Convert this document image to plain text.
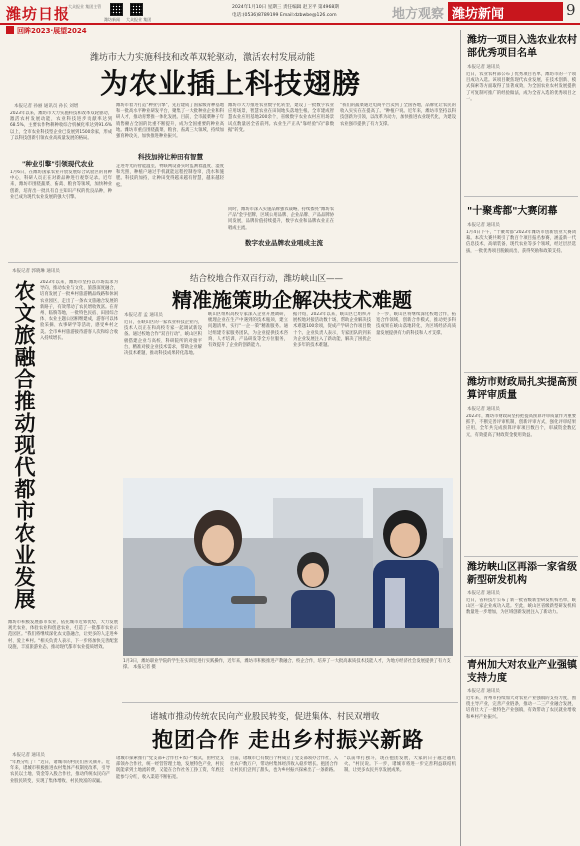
潍坊日报
大众报业 集团主管
潍坊新闻 大众报业 集团
2024年1月10日 星期三 责任编辑 赵卫平 第4968期
电话:(0536)8789199 Email:dzbwbe@126.com	地方观察 潍坊新闻	9
回眸2023·展望2024
潍坊市大力实施科技和改革双轮驱动，激活农村发展动能
为农业插上科技翅膀
本报记者 孙丽 通讯员 孙长 刘增
2023年以来，潍坊市大力实施科技和改革双轮驱动，激活农村发展动能，农业科技进步贡献率达到68.5%，主要农作物耕种收综合机械化率达到91.6%以上，全市农业科技型企业已发展到1500余家，形成了以科技创新引领农业高质量发展的格局。
"种业引擎"引领现代农业
1月6日，在潍坊国家农业开放发展综合试验区的育种中心，科研人员正在对新品种进行观察记录。近年来，潍坊市围绕蔬菜、畜禽、粮食等领域，加快种业创新，培育出一批具有自主知识产权的优良品种，种业已成为现代农业发展的强大引擎。
潍坊市着力打造"种业引擎"，先后建成了国家级育种基地和一批高水平种业研发平台，聚集了一大批种业企业和科研人才，推动育繁推一体化发展。目前，全市蔬菜种子年销售额占全国的比重不断提升，成为全国重要的种业高地。潍坊市重点围绕蔬菜、粮食、畜禽三大领域，持续加强育种攻关，加快推进种业振兴。
科技加持让种田有智慧
走进寿光的智能温室，物联网设备实时监测着温度、湿度和光照，种植户通过手机就能远程控制卷帘、浇水和施肥。科技的加持，让种田变得越来越有智慧，越来越轻松。
潍坊市大力推进农业数字化转型，建设了一批数字农业应用场景，智慧农业在田间地头落地生根。全市建成智慧农业应用基地200余个，省级数字农业农村应用场景试点数量居全省前列。农业生产正从"靠经验"向"靠数据"转变。
数字农业品牌农业唱成主流
同时，潍坊市深入实施品牌强农战略，持续擦亮"潍坊农产品"金字招牌，区域公用品牌、企业品牌、产品品牌协同发展，品牌价值持续提升，数字农业和品牌农业正在唱成主流。
"我们的蔬菜通过电商平台卖到了全国各地，品牌化让农民的收入实实在在提高了。"种植户说。近年来，潍坊市坚持以科技创新为引领，以改革为动力，加快推进农业现代化，为建设农业强市提供了有力支撑。
本报记者 郭晓琳 通讯员
农文旅融合推动现代都市农业发展 2023年以来，潍坊市坚持以市场需求为导向，推动农业与文化、旅游深度融合，培育发展了一批乡村旅游精品线路和休闲农业园区，走出了一条农文旅融合发展的新路子，有效带动了农民增收致富。在青州、临朐等地，一批特色民宿、田园综合体、农业主题公园相继建成，游客可以体验采摘、农事研学等活动，感受乡村之美。全市乡村旅游接待游客人次和综合收入持续增长。
潍坊市积极发展都市农业，依托城市近郊优势，大力发展观光农业、体验农业和创意农业，打造了一批都市农业示范园区。"我们将继续深化农文旅融合，让更多的人走进乡村、爱上乡村。"相关负责人表示，下一步将加快完善配套设施，丰富旅游业态，推动现代都市农业提质增效。
结合校地合作双百行动，潍坊峡山区——
精准施策助企解决技术难题
本报记者 孟 通讯员
近日，在峡山区的一家农业科技企业内，技术人员正在和高校专家一起调试新设备。通过校地合作"双百行动"，峡山区积极搭建企业与高校、科研院所的对接平台，精准对接企业技术需求，帮助企业解决技术难题，推动科技成果转化落地。
峡山区组织高校专家深入企业开展调研，梳理企业在生产中遇到的技术瓶颈，建立问题清单，实行"一企一策"精准服务。通过组建专家服务团队，为企业提供技术咨询、人才培训、产品研发等全方位服务，有效提升了企业的创新能力。
据介绍，2023年以来，峡山区已组织开展校地对接活动数十场，帮助企业解决技术难题100余项，促成产学研合作项目数十个。企业负责人表示，专家团队的到来为企业发展注入了新动能，解决了困扰企业多年的技术难题。
下一步，峡山区将继续深化校地合作，拓宽合作领域，创新合作模式，推动更多科技成果在峡山落地转化，为区域经济高质量发展提供有力的科技和人才支撑。
1月3日，潍坊职业学院的学生在实训室进行实践操作，近年来，潍坊市积极推进产教融合、校企合作，培养了一大批高素质技术技能人才，为地方经济社会发展提供了有力支撑。 本报记者 摄
诸城市推动传统农民向产业股民转变，促进集体、村民双增收
抱团合作 走出乡村振兴新路
本报记者 通讯员
"年底分红了！"近日，诸城市的村民们喜笑颜开。近年来，诸城市积极推进农村集体产权制度改革，引导农民以土地、资金等入股合作社，推动传统农民向产业股民转变，实现了集体增收、村民致富的双赢。
诸城市探索推行"党支部+合作社+农户"模式，由村党支部领办合作社，统一经营管理土地，发展特色产业，村民既能拿到土地流转费，又能在合作社务工挣工资，年底还能参与分红，收入渠道不断拓宽。
目前，诸城市已有数百个村成立了党支部领办合作社，入社农户数万户，带动村集体经济收入稳步增长。抱团合作让村民们尝到了甜头，也为乡村振兴探索出了一条新路。
"以前单打独斗，现在抱团发展，大家的日子越过越红火。"村民说。下一步，诸城市将进一步完善利益联结机制，让更多农民共享发展成果。
潍坊一项目入选农业农村部优秀项目名单
本报记者 通讯员
近日，农业农村部公布了优秀项目名单，潍坊市的一个项目成功入选。该项目聚焦现代农业发展，在技术创新、模式探索等方面取得了显著成效，为全国农业农村发展提供了可复制可推广的经验做法，成为全省入选的优秀项目之一。
"十聚鸢都"大赛闭幕
本报记者 通讯员
1月4日下午，"十聚鸢都"2023年潍坊市创新创业大赛闭幕。本次大赛共吸引了数百个项目报名参赛，涵盖新一代信息技术、高端装备、现代农业等多个领域，经过层层选拔，一批优秀项目脱颖而出，获得奖励和政策支持。
潍坊市财政局扎实提高预算评审质量
本报记者 通讯员
2023年，潍坊市财政局坚持把提高预算评审质量作为重要抓手，不断完善评审机制，创新评审方式，强化评审结果应用，全年共完成预算评审项目数百个，审减资金数亿元，有效提高了财政资金使用效益。
潍坊峡山区再添一家省级新型研发机构
本报记者 通讯员
近日，省科技厅公布了新一批省级新型研发机构名单，峡山区一家企业成功入选。至此，峡山区省级新型研发机构数量进一步增加，为区域创新发展注入了新动力。
青州加大对农业产业强镇支持力度
本报记者 通讯员
近年来，青州市持续加大对农业产业强镇的支持力度，围绕主导产业，完善产业链条，推动一二三产业融合发展，培育壮大了一批特色产业强镇，有效带动了农民就业增收和乡村产业振兴。
